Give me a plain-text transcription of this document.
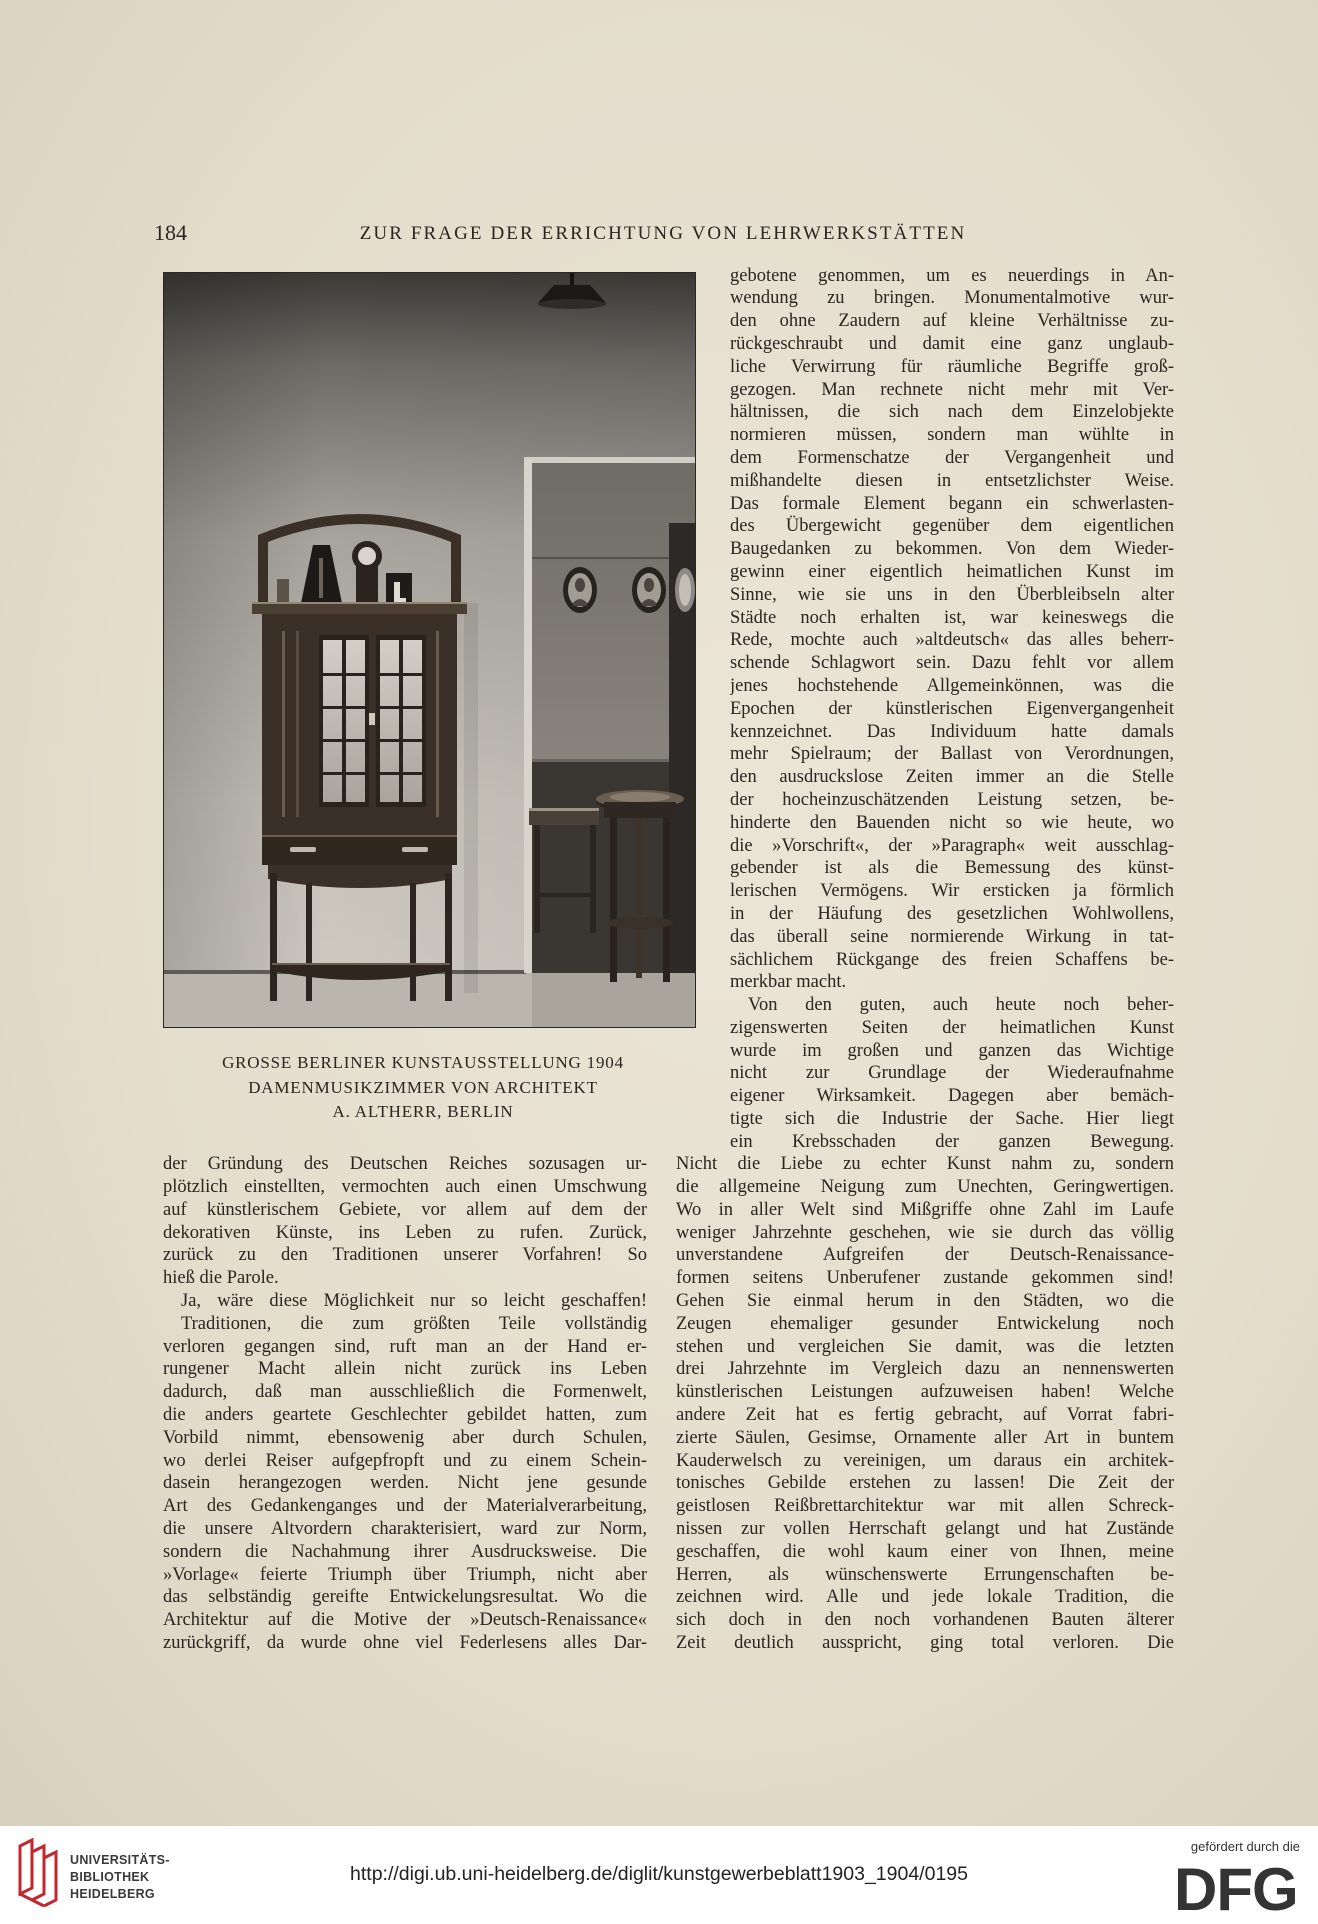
184	ZUR FRAGE DER ERRICHTUNG VON LEHRWERKSTÄTTEN
GROSSE BERLINER KUNSTAUSSTELLUNG 1904
DAMENMUSIKZIMMER VON ARCHITEKT
A. ALTHERR, BERLIN
gebotene genommen, um es neuerdings in An-
wendung zu bringen. Monumentalmotive wur-
den ohne Zaudern auf kleine Verhältnisse zu-
rückgeschraubt und damit eine ganz unglaub-
liche Verwirrung für räumliche Begriffe groß-
gezogen. Man rechnete nicht mehr mit Ver-
hältnissen, die sich nach dem Einzelobjekte
normieren müssen, sondern man wühlte in
dem Formenschatze der Vergangenheit und
mißhandelte diesen in entsetzlichster Weise.
Das formale Element begann ein schwerlasten-
des Übergewicht gegenüber dem eigentlichen
Baugedanken zu bekommen. Von dem Wieder-
gewinn einer eigentlich heimatlichen Kunst im
Sinne, wie sie uns in den Überbleibseln alter
Städte noch erhalten ist, war keineswegs die
Rede, mochte auch »altdeutsch« das alles beherr-
schende Schlagwort sein. Dazu fehlt vor allem
jenes hochstehende Allgemeinkönnen, was die
Epochen der künstlerischen Eigenvergangenheit
kennzeichnet. Das Individuum hatte damals
mehr Spielraum; der Ballast von Verordnungen,
den ausdruckslose Zeiten immer an die Stelle
der hocheinzuschätzenden Leistung setzen, be-
hinderte den Bauenden nicht so wie heute, wo
die »Vorschrift«, der »Paragraph« weit ausschlag-
gebender ist als die Bemessung des künst-
lerischen Vermögens. Wir ersticken ja förmlich
in der Häufung des gesetzlichen Wohlwollens,
das überall seine normierende Wirkung in tat-
sächlichem Rückgange des freien Schaffens be-
merkbar macht.
Von den guten, auch heute noch beher-
zigenswerten Seiten der heimatlichen Kunst
wurde im großen und ganzen das Wichtige
nicht zur Grundlage der Wiederaufnahme
eigener Wirksamkeit. Dagegen aber bemäch-
tigte sich die Industrie der Sache. Hier liegt
ein Krebsschaden der ganzen Bewegung.
der Gründung des Deutschen Reiches sozusagen ur-
plötzlich einstellten, vermochten auch einen Umschwung
auf künstlerischem Gebiete, vor allem auf dem der
dekorativen Künste, ins Leben zu rufen. Zurück,
zurück zu den Traditionen unserer Vorfahren! So
hieß die Parole.
Ja, wäre diese Möglichkeit nur so leicht geschaffen!
Traditionen, die zum größten Teile vollständig
verloren gegangen sind, ruft man an der Hand er-
rungener Macht allein nicht zurück ins Leben
dadurch, daß man ausschließlich die Formenwelt,
die anders geartete Geschlechter gebildet hatten, zum
Vorbild nimmt, ebensowenig aber durch Schulen,
wo derlei Reiser aufgepfropft und zu einem Schein-
dasein herangezogen werden. Nicht jene gesunde
Art des Gedankenganges und der Materialverarbeitung,
die unsere Altvordern charakterisiert, ward zur Norm,
sondern die Nachahmung ihrer Ausdrucksweise. Die
»Vorlage« feierte Triumph über Triumph, nicht aber
das selbständig gereifte Entwickelungsresultat. Wo die
Architektur auf die Motive der »Deutsch-Renaissance«
zurückgriff, da wurde ohne viel Federlesens alles Dar-
Nicht die Liebe zu echter Kunst nahm zu, sondern
die allgemeine Neigung zum Unechten, Geringwertigen.
Wo in aller Welt sind Mißgriffe ohne Zahl im Laufe
weniger Jahrzehnte geschehen, wie sie durch das völlig
unverstandene Aufgreifen der Deutsch-Renaissance-
formen seitens Unberufener zustande gekommen sind!
Gehen Sie einmal herum in den Städten, wo die
Zeugen ehemaliger gesunder Entwickelung noch
stehen und vergleichen Sie damit, was die letzten
drei Jahrzehnte im Vergleich dazu an nennenswerten
künstlerischen Leistungen aufzuweisen haben! Welche
andere Zeit hat es fertig gebracht, auf Vorrat fabri-
zierte Säulen, Gesimse, Ornamente aller Art in buntem
Kauderwelsch zu vereinigen, um daraus ein architek-
tonisches Gebilde erstehen zu lassen! Die Zeit der
geistlosen Reißbrettarchitektur war mit allen Schreck-
nissen zur vollen Herrschaft gelangt und hat Zustände
geschaffen, die wohl kaum einer von Ihnen, meine
Herren, als wünschenswerte Errungenschaften be-
zeichnen wird. Alle und jede lokale Tradition, die
sich doch in den noch vorhandenen Bauten älterer
Zeit deutlich ausspricht, ging total verloren. Die
UNIVERSITÄTS-
BIBLIOTHEK
HEIDELBERG
http://digi.ub.uni-heidelberg.de/diglit/kunstgewerbeblatt1903_1904/0195
gefördert durch die
DFG
